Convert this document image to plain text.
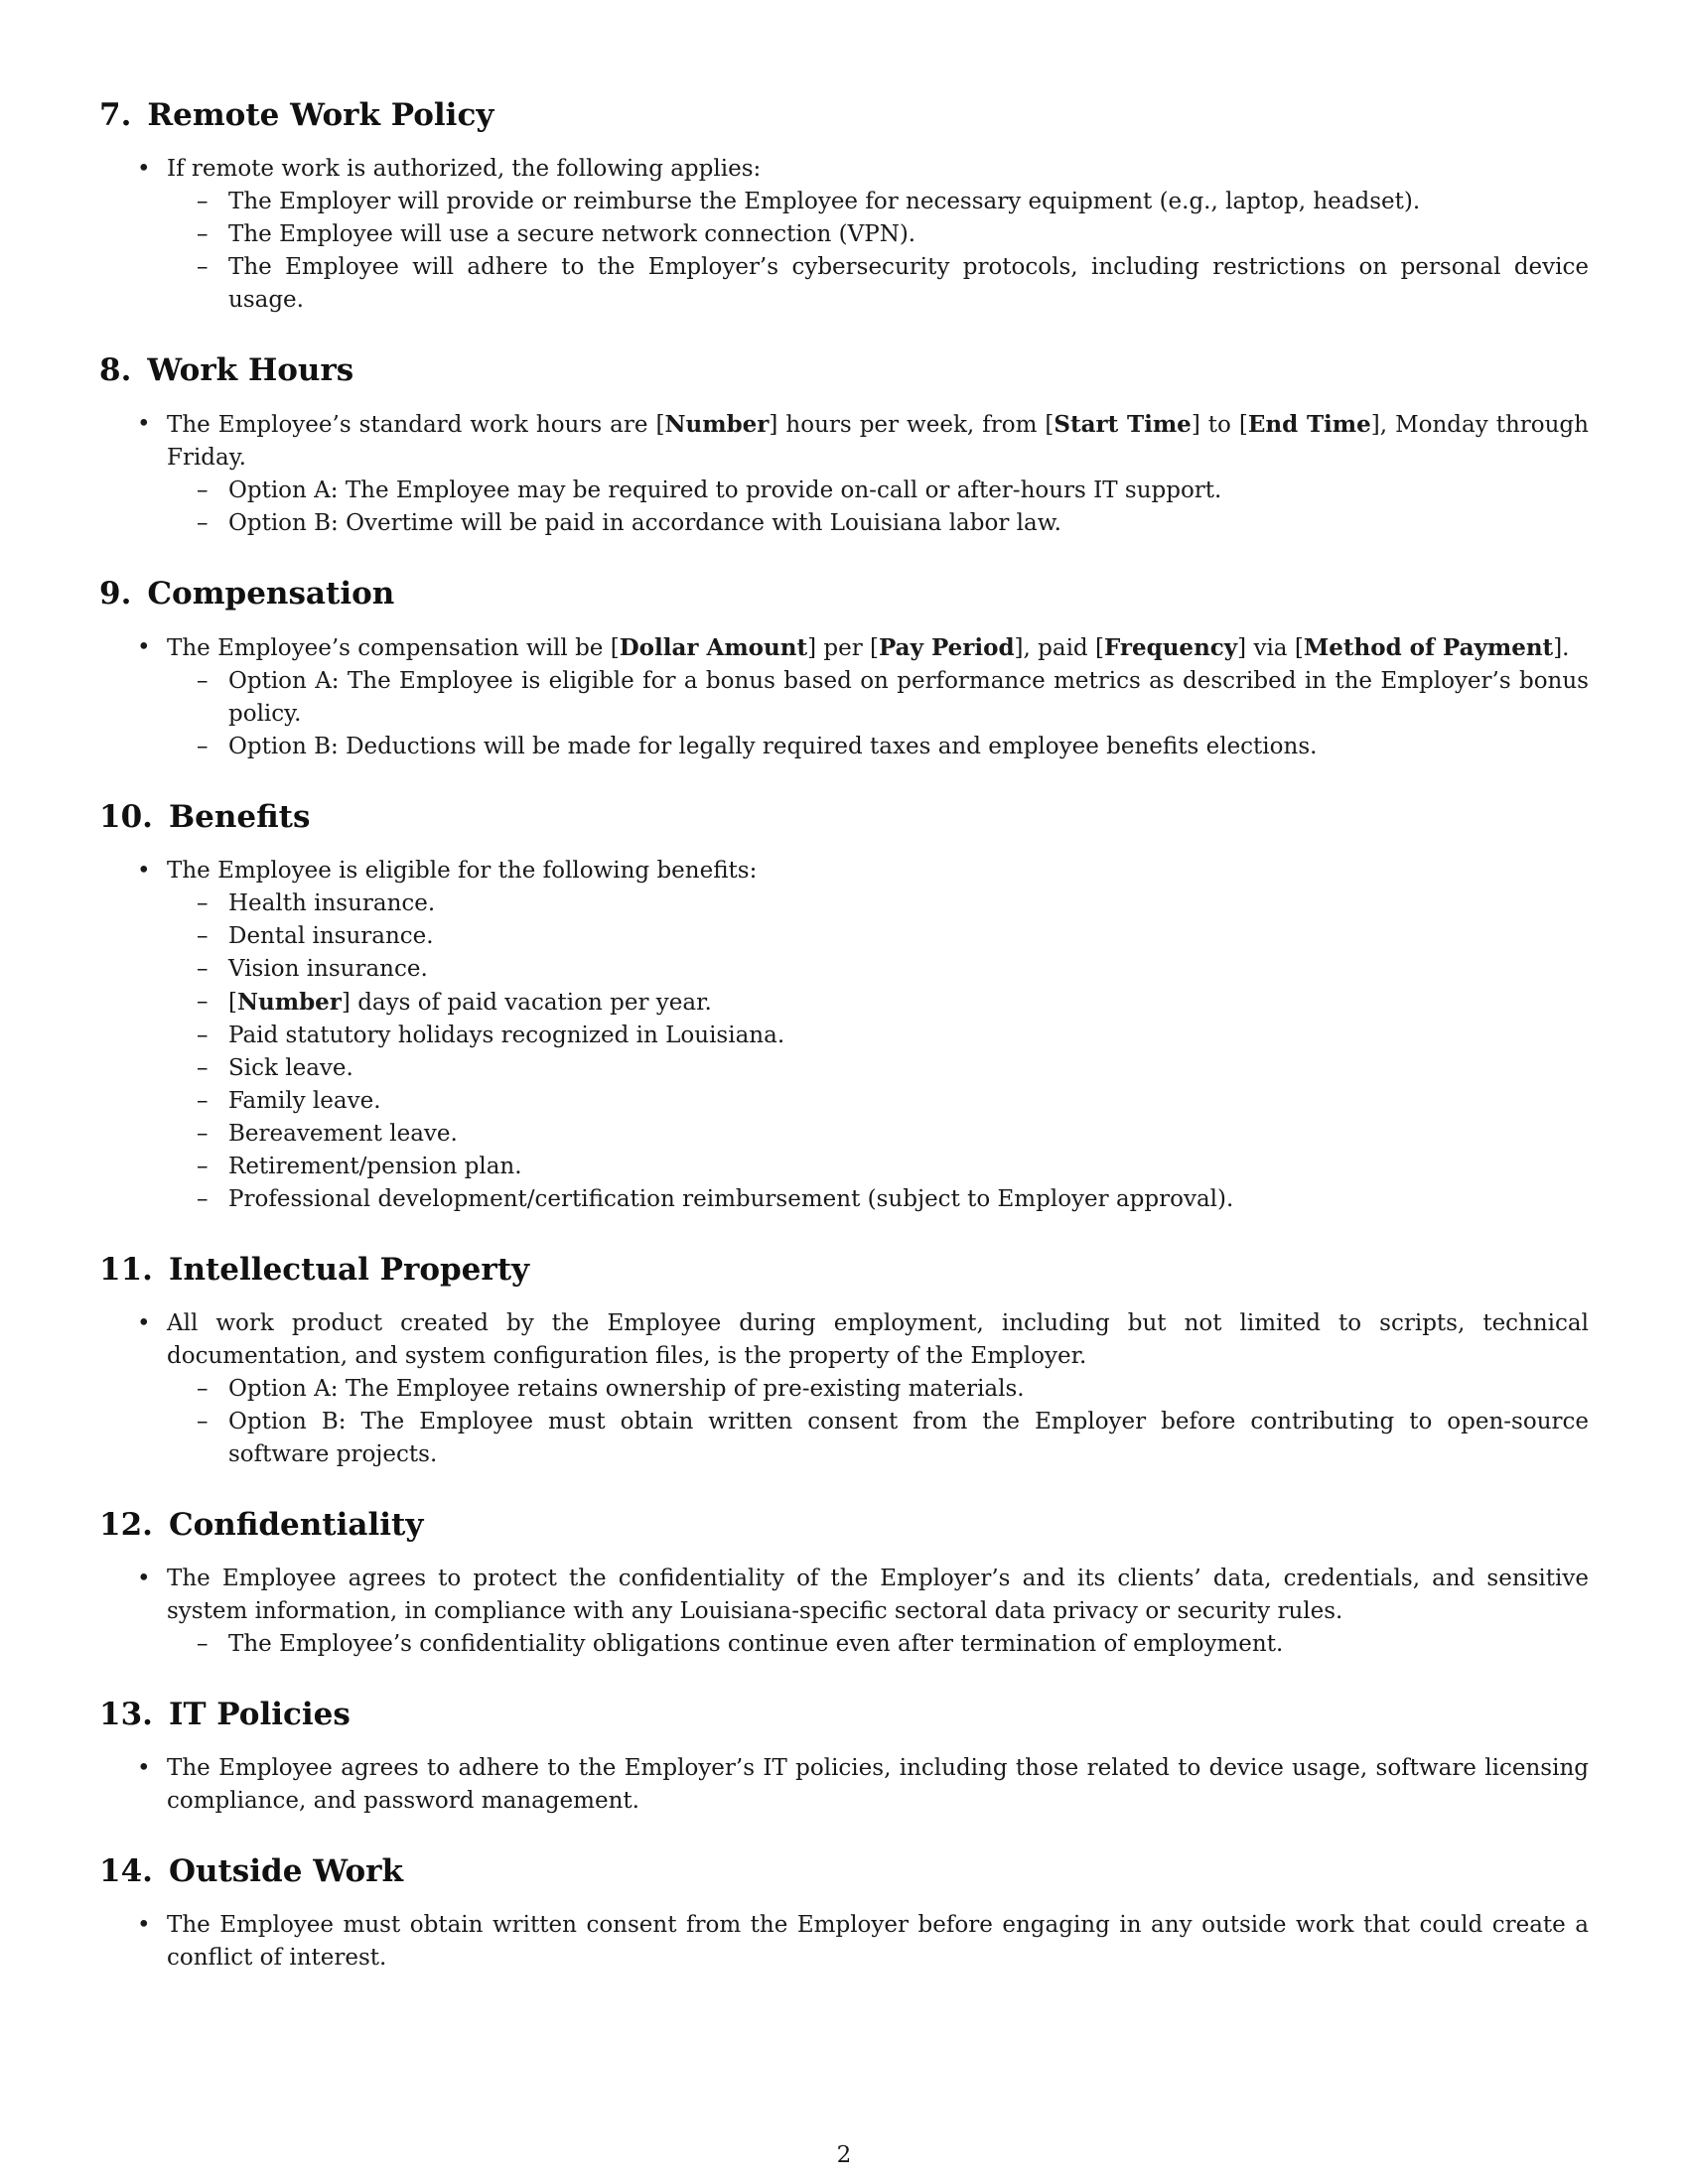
7. Remote Work Policy
• If remote work is authorized, the following applies:
– The Employer will provide or reimburse the Employee for necessary equipment (e.g., laptop, headset).
– The Employee will use a secure network connection (VPN).
– The Employee will adhere to the Employer’s cybersecurity protocols, including restrictions on personal device usage.
8. Work Hours
• The Employee’s standard work hours are [Number] hours per week, from [Start Time] to [End Time], Monday through Friday.
– Option A: The Employee may be required to provide on-call or after-hours IT support.
– Option B: Overtime will be paid in accordance with Louisiana labor law.
9. Compensation
• The Employee’s compensation will be [Dollar Amount] per [Pay Period], paid [Frequency] via [Method of Payment].
– Option A: The Employee is eligible for a bonus based on performance metrics as described in the Employer’s bonus policy.
– Option B: Deductions will be made for legally required taxes and employee benefits elections.
10. Benefits
• The Employee is eligible for the following benefits:
– Health insurance.
– Dental insurance.
– Vision insurance.
– [Number] days of paid vacation per year.
– Paid statutory holidays recognized in Louisiana.
– Sick leave.
– Family leave.
– Bereavement leave.
– Retirement/pension plan.
– Professional development/certification reimbursement (subject to Employer approval).
11. Intellectual Property
• All work product created by the Employee during employment, including but not limited to scripts, technical documentation, and system configuration files, is the property of the Employer.
– Option A: The Employee retains ownership of pre-existing materials.
– Option B: The Employee must obtain written consent from the Employer before contributing to open-source software projects.
12. Confidentiality
• The Employee agrees to protect the confidentiality of the Employer’s and its clients’ data, credentials, and sensitive system information, in compliance with any Louisiana-specific sectoral data privacy or security rules.
– The Employee’s confidentiality obligations continue even after termination of employment.
13. IT Policies
• The Employee agrees to adhere to the Employer’s IT policies, including those related to device usage, software licensing compliance, and password management.
14. Outside Work
• The Employee must obtain written consent from the Employer before engaging in any outside work that could create a conflict of interest.
2
